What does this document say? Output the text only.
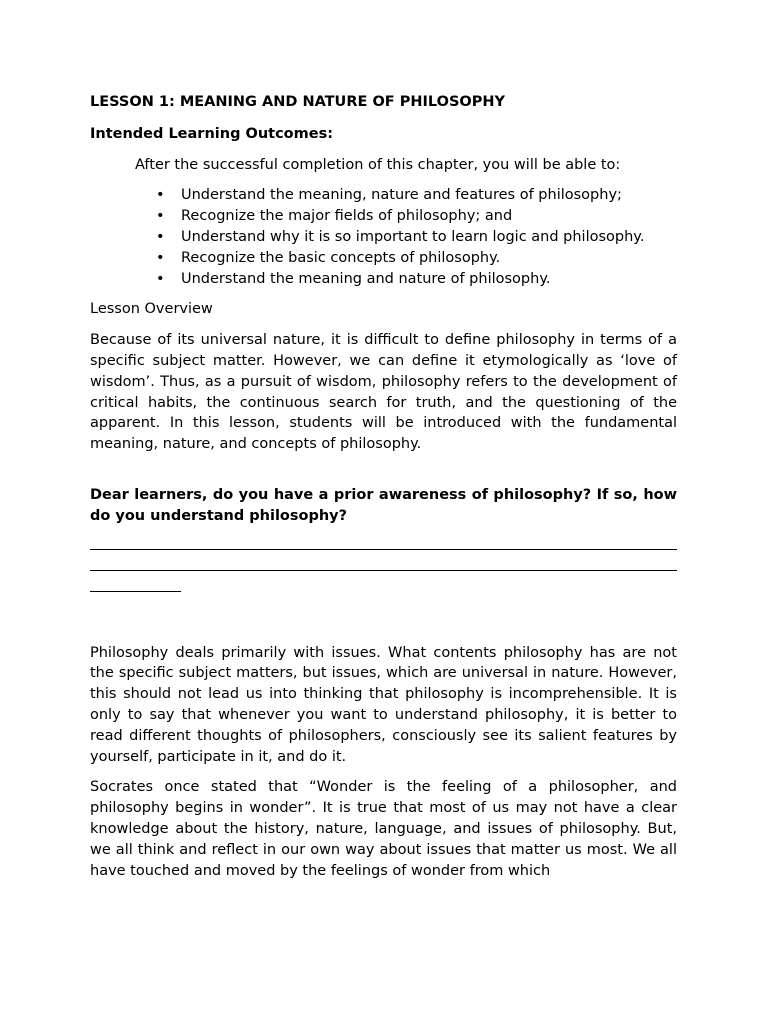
LESSON 1: MEANING AND NATURE OF PHILOSOPHY

Intended Learning Outcomes:

After the successful completion of this chapter, you will be able to:

• Understand the meaning, nature and features of philosophy;
• Recognize the major fields of philosophy; and
• Understand why it is so important to learn logic and philosophy.
• Recognize the basic concepts of philosophy.
• Understand the meaning and nature of philosophy.

Lesson Overview

Because of its universal nature, it is difficult to define philosophy in terms of a specific subject matter. However, we can define it etymologically as ‘love of wisdom’. Thus, as a pursuit of wisdom, philosophy refers to the development of critical habits, the continuous search for truth, and the questioning of the apparent. In this lesson, students will be introduced with the fundamental meaning, nature, and concepts of philosophy.

Dear learners, do you have a prior awareness of philosophy? If so, how do you understand philosophy?

Philosophy deals primarily with issues. What contents philosophy has are not the specific subject matters, but issues, which are universal in nature. However, this should not lead us into thinking that philosophy is incomprehensible. It is only to say that whenever you want to understand philosophy, it is better to read different thoughts of philosophers, consciously see its salient features by yourself, participate in it, and do it.

Socrates once stated that “Wonder is the feeling of a philosopher, and philosophy begins in wonder”. It is true that most of us may not have a clear knowledge about the history, nature, language, and issues of philosophy. But, we all think and reflect in our own way about issues that matter us most. We all have touched and moved by the feelings of wonder from which
